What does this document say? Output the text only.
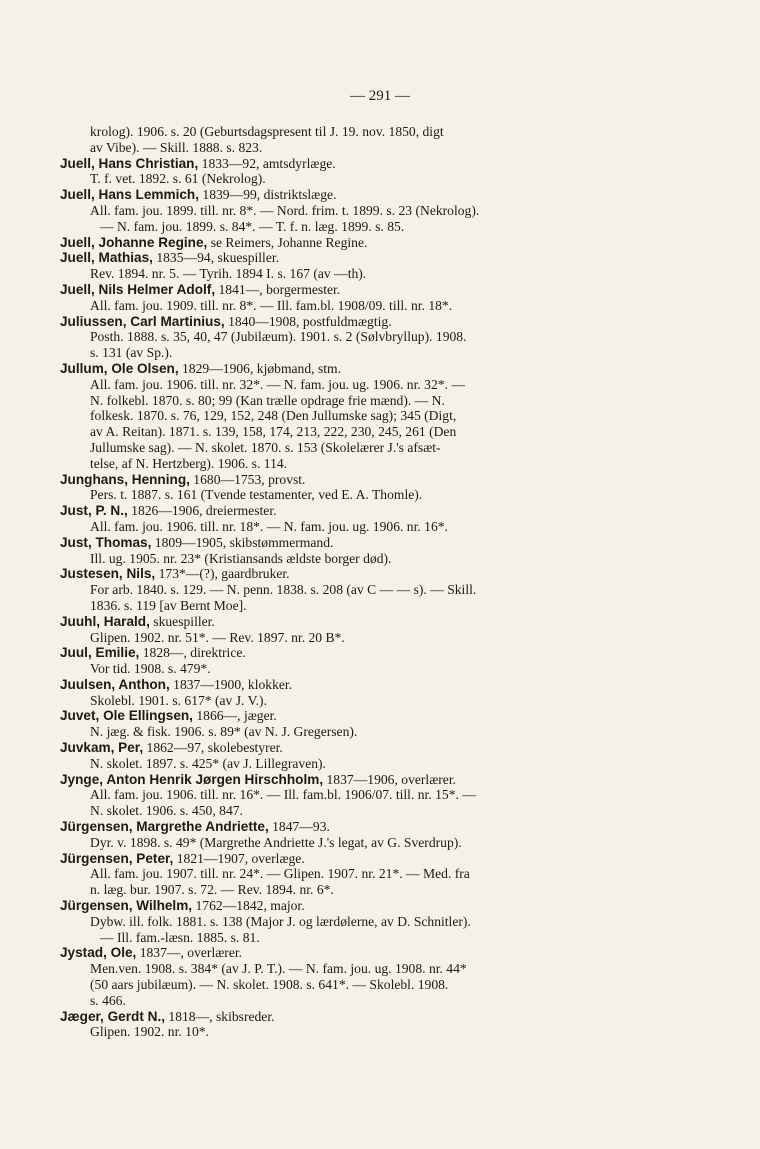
— 291 —
krolog). 1906. s. 20 (Geburtsdagspresent til J. 19. nov. 1850, digt
av Vibe). — Skill. 1888. s. 823.
Juell, Hans Christian, 1833—92, amtsdyrlæge.
T. f. vet. 1892. s. 61 (Nekrolog).
Juell, Hans Lemmich, 1839—99, distriktslæge.
All. fam. jou. 1899. till. nr. 8*. — Nord. frim. t. 1899. s. 23 (Nekrolog).
— N. fam. jou. 1899. s. 84*. — T. f. n. læg. 1899. s. 85.
Juell, Johanne Regine, se Reimers, Johanne Regine.
Juell, Mathias, 1835—94, skuespiller.
Rev. 1894. nr. 5. — Tyrih. 1894 I. s. 167 (av —th).
Juell, Nils Helmer Adolf, 1841—, borgermester.
All. fam. jou. 1909. till. nr. 8*. — Ill. fam.bl. 1908/09. till. nr. 18*.
Juliussen, Carl Martinius, 1840—1908, postfuldmægtig.
Posth. 1888. s. 35, 40, 47 (Jubilæum). 1901. s. 2 (Sølvbryllup). 1908.
s. 131 (av Sp.).
Jullum, Ole Olsen, 1829—1906, kjøbmand, stm.
All. fam. jou. 1906. till. nr. 32*. — N. fam. jou. ug. 1906. nr. 32*. —
N. folkebl. 1870. s. 80; 99 (Kan trælle opdrage frie mænd). — N.
folkesk. 1870. s. 76, 129, 152, 248 (Den Jullumske sag); 345 (Digt,
av A. Reitan). 1871. s. 139, 158, 174, 213, 222, 230, 245, 261 (Den
Jullumske sag). — N. skolet. 1870. s. 153 (Skolelærer J.'s afsæt-
telse, af N. Hertzberg). 1906. s. 114.
Junghans, Henning, 1680—1753, provst.
Pers. t. 1887. s. 161 (Tvende testamenter, ved E. A. Thomle).
Just, P. N., 1826—1906, dreiermester.
All. fam. jou. 1906. till. nr. 18*. — N. fam. jou. ug. 1906. nr. 16*.
Just, Thomas, 1809—1905, skibstømmermand.
Ill. ug. 1905. nr. 23* (Kristiansands ældste borger død).
Justesen, Nils, 173*—(?), gaardbruker.
For arb. 1840. s. 129. — N. penn. 1838. s. 208 (av C — — s). — Skill.
1836. s. 119 [av Bernt Moe].
Juuhl, Harald, skuespiller.
Glipen. 1902. nr. 51*. — Rev. 1897. nr. 20 B*.
Juul, Emilie, 1828—, direktrice.
Vor tid. 1908. s. 479*.
Juulsen, Anthon, 1837—1900, klokker.
Skolebl. 1901. s. 617* (av J. V.).
Juvet, Ole Ellingsen, 1866—, jæger.
N. jæg. & fisk. 1906. s. 89* (av N. J. Gregersen).
Juvkam, Per, 1862—97, skolebestyrer.
N. skolet. 1897. s. 425* (av J. Lillegraven).
Jynge, Anton Henrik Jørgen Hirschholm, 1837—1906, overlærer.
All. fam. jou. 1906. till. nr. 16*. — Ill. fam.bl. 1906/07. till. nr. 15*. —
N. skolet. 1906. s. 450, 847.
Jürgensen, Margrethe Andriette, 1847—93.
Dyr. v. 1898. s. 49* (Margrethe Andriette J.'s legat, av G. Sverdrup).
Jürgensen, Peter, 1821—1907, overlæge.
All. fam. jou. 1907. till. nr. 24*. — Glipen. 1907. nr. 21*. — Med. fra
n. læg. bur. 1907. s. 72. — Rev. 1894. nr. 6*.
Jürgensen, Wilhelm, 1762—1842, major.
Dybw. ill. folk. 1881. s. 138 (Major J. og lærdølerne, av D. Schnitler).
— Ill. fam.-læsn. 1885. s. 81.
Jystad, Ole, 1837—, overlærer.
Men.ven. 1908. s. 384* (av J. P. T.). — N. fam. jou. ug. 1908. nr. 44*
(50 aars jubilæum). — N. skolet. 1908. s. 641*. — Skolebl. 1908.
s. 466.
Jæger, Gerdt N., 1818—, skibsreder.
Glipen. 1902. nr. 10*.
